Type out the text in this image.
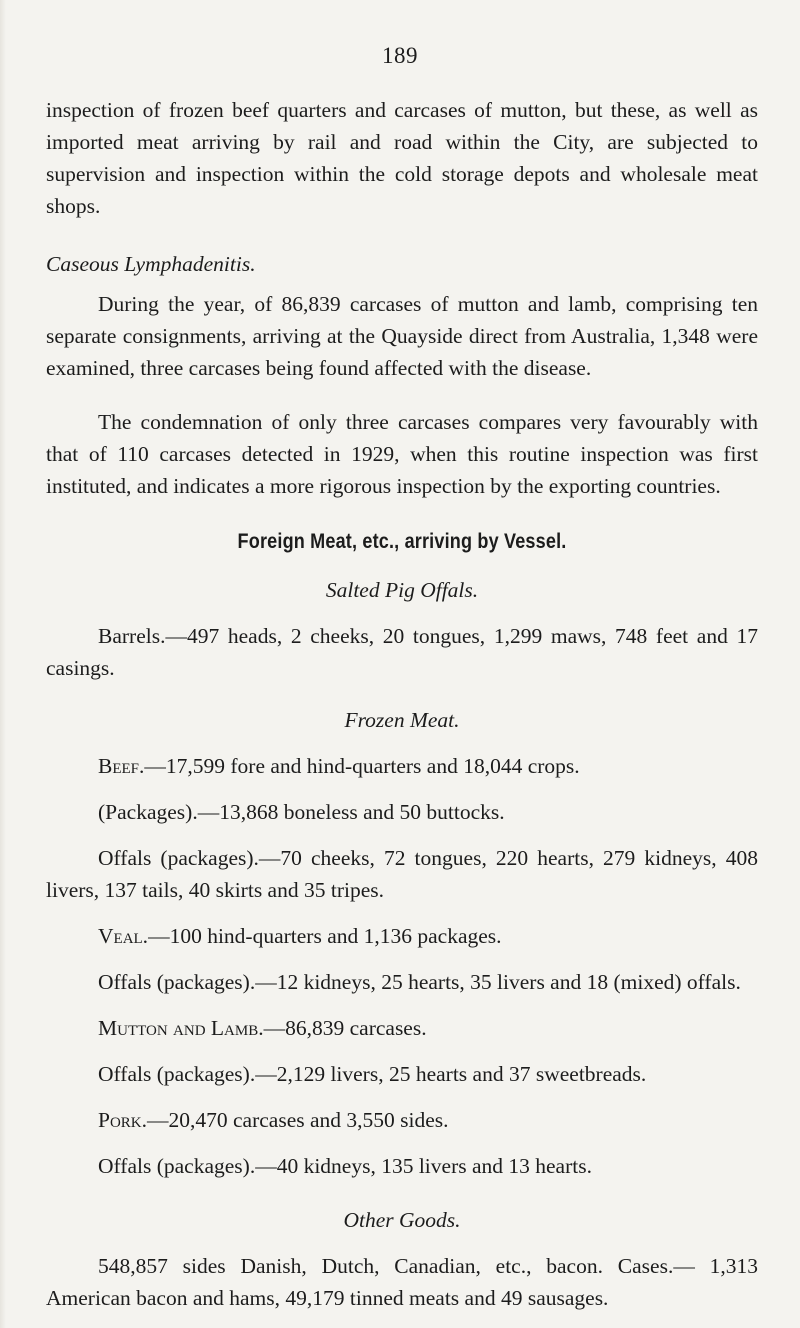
189

inspection of frozen beef quarters and carcases of mutton, but these, as well as imported meat arriving by rail and road within the City, are subjected to supervision and inspection within the cold storage depots and wholesale meat shops.

Caseous Lymphadenitis.

During the year, of 86,839 carcases of mutton and lamb, comprising ten separate consignments, arriving at the Quayside direct from Australia, 1,348 were examined, three carcases being found affected with the disease.

The condemnation of only three carcases compares very favourably with that of 110 carcases detected in 1929, when this routine inspection was first instituted, and indicates a more rigorous inspection by the exporting countries.

Foreign Meat, etc., arriving by Vessel.

Salted Pig Offals.

Barrels.—497 heads, 2 cheeks, 20 tongues, 1,299 maws, 748 feet and 17 casings.

Frozen Meat.

Beef.—17,599 fore and hind-quarters and 18,044 crops.

(Packages).—13,868 boneless and 50 buttocks.

Offals (packages).—70 cheeks, 72 tongues, 220 hearts, 279 kidneys, 408 livers, 137 tails, 40 skirts and 35 tripes.

Veal.—100 hind-quarters and 1,136 packages.

Offals (packages).—12 kidneys, 25 hearts, 35 livers and 18 (mixed) offals.

Mutton and Lamb.—86,839 carcases.

Offals (packages).—2,129 livers, 25 hearts and 37 sweetbreads.

Pork.—20,470 carcases and 3,550 sides.

Offals (packages).—40 kidneys, 135 livers and 13 hearts.

Other Goods.

548,857 sides Danish, Dutch, Canadian, etc., bacon. Cases.— 1,313 American bacon and hams, 49,179 tinned meats and 49 sausages.
